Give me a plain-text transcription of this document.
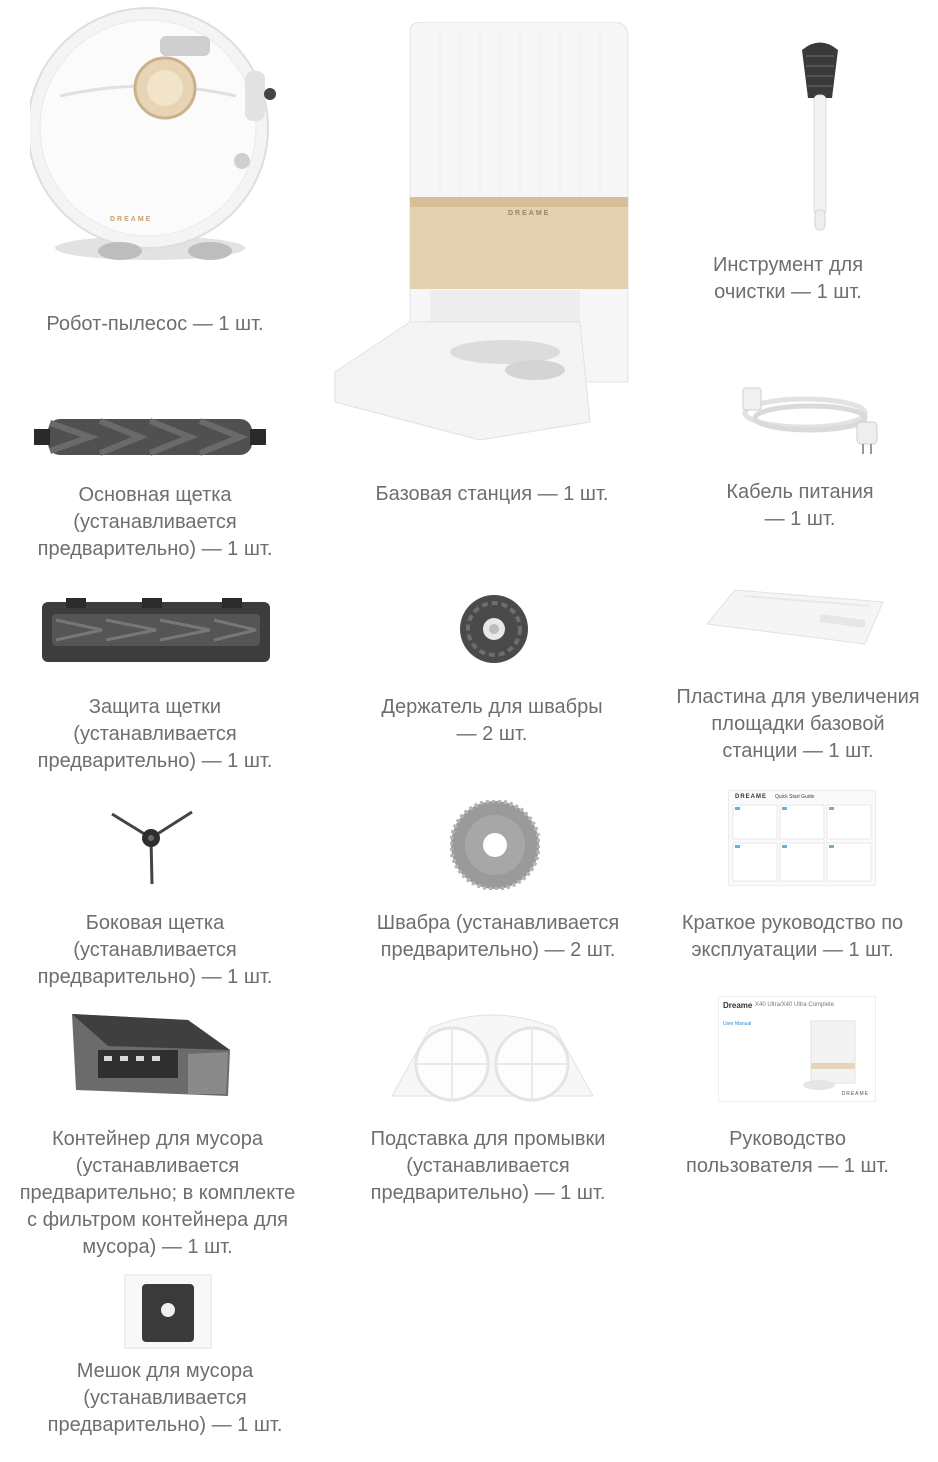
DREAME
Робот-пылесос — 1 шт.
DREAME
Базовая станция — 1 шт.
Инструмент для
очистки — 1 шт.
Основная щетка
(устанавливается
предварительно) — 1 шт.
Кабель питания
— 1 шт.
Защита щетки
(устанавливается
предварительно) — 1 шт.
Держатель для швабры
— 2 шт.
Пластина для увеличения
площадки базовой
станции — 1 шт.
Боковая щетка
(устанавливается
предварительно) — 1 шт.
Швабра (устанавливается
предварительно) — 2 шт.
DREAME Quick Start Guide
Краткое руководство по
эксплуатации — 1 шт.
Контейнер для мусора
(устанавливается
предварительно; в комплекте
с фильтром контейнера для
мусора) — 1 шт.
Подставка для промывки
(устанавливается
предварительно) — 1 шт.
Dreame X40 Ultra/X40 Ultra Complete
User Manual
DREAME
Руководство
пользователя — 1 шт.
Мешок для мусора
(устанавливается
предварительно) — 1 шт.
